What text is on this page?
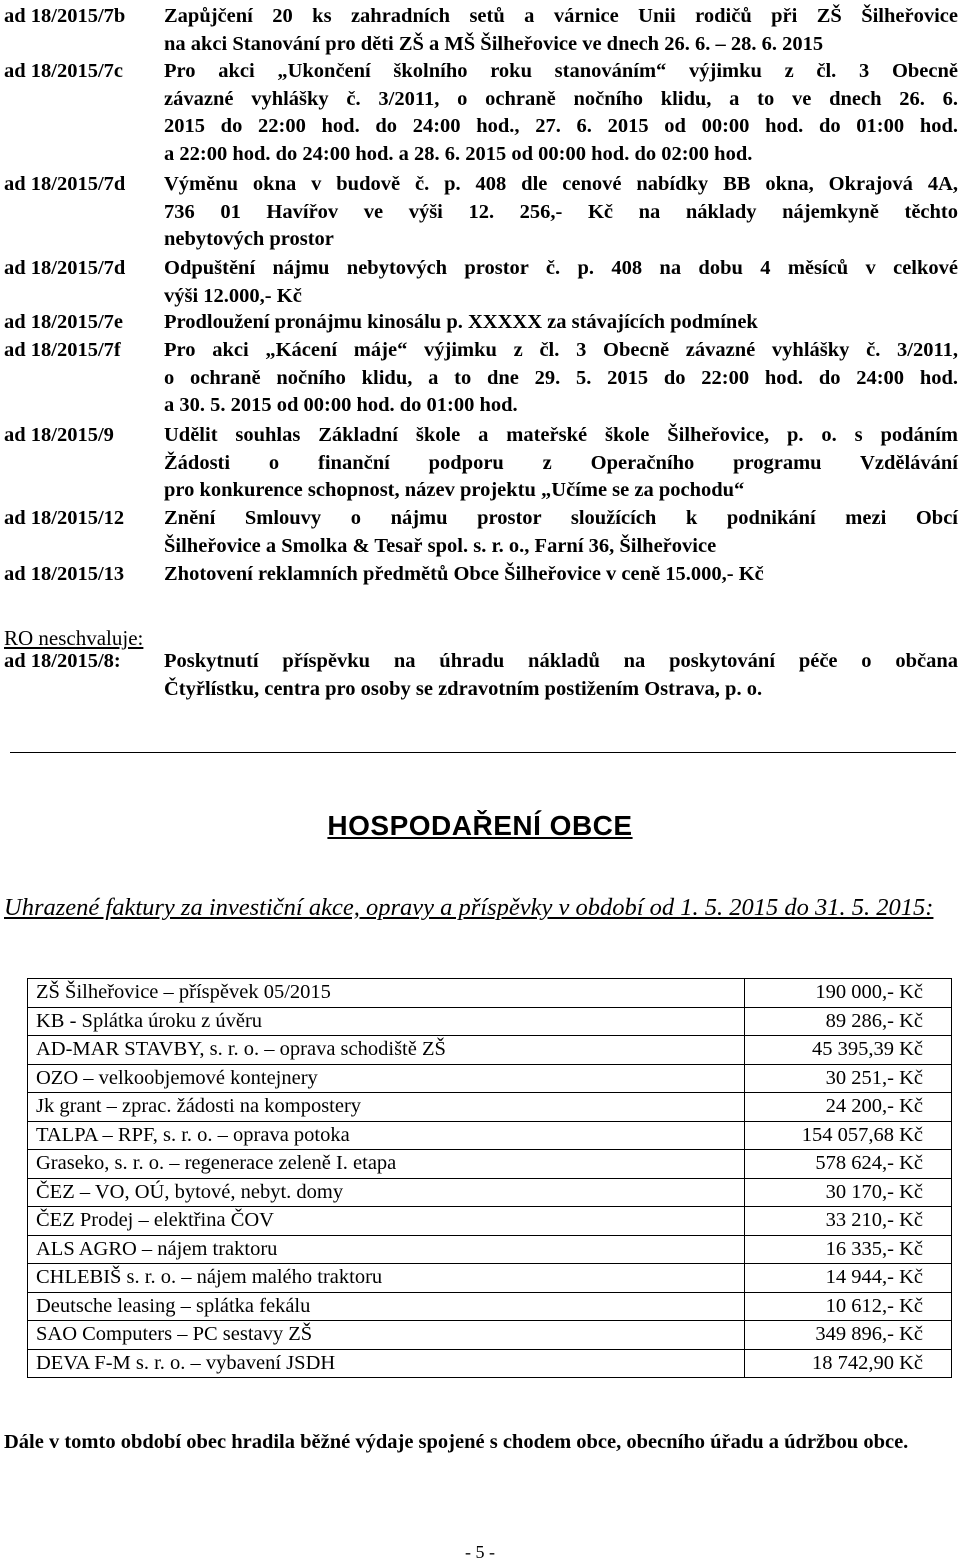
ad 18/2015/7b Zapůjčení 20 ks zahradních setů a várnice Unii rodičů při ZŠ Šilheřovice
na akci Stanování pro děti ZŠ a MŠ Šilheřovice ve dnech 26. 6. – 28. 6. 2015
ad 18/2015/7c Pro akci „Ukončení školního roku stanováním“ výjimku z čl. 3 Obecně
závazné vyhlášky č. 3/2011, o ochraně nočního klidu, a to ve dnech 26. 6.
2015 do 22:00 hod. do 24:00 hod., 27. 6. 2015 od 00:00 hod. do 01:00 hod.
a 22:00 hod. do 24:00 hod. a 28. 6. 2015 od 00:00 hod. do 02:00 hod.
ad 18/2015/7d Výměnu okna v budově č. p. 408 dle cenové nabídky BB okna, Okrajová 4A,
736 01 Havířov ve výši 12. 256,- Kč na náklady nájemkyně těchto
nebytových prostor
ad 18/2015/7d Odpuštění nájmu nebytových prostor č. p. 408 na dobu 4 měsíců v celkové
výši 12.000,- Kč
ad 18/2015/7e Prodloužení pronájmu kinosálu p. XXXXX za stávajících podmínek
ad 18/2015/7f Pro akci „Kácení máje“ výjimku z čl. 3 Obecně závazné vyhlášky č. 3/2011,
o ochraně nočního klidu, a to dne 29. 5. 2015 do 22:00 hod. do 24:00 hod.
a 30. 5. 2015 od 00:00 hod. do 01:00 hod.
ad 18/2015/9 Udělit souhlas Základní škole a mateřské škole Šilheřovice, p. o. s podáním
Žádosti o finanční podporu z Operačního programu Vzdělávání
pro konkurence schopnost, název projektu „Učíme se za pochodu“
ad 18/2015/12 Znění Smlouvy o nájmu prostor sloužících k podnikání mezi Obcí
Šilheřovice a Smolka & Tesař spol. s. r. o., Farní 36, Šilheřovice
ad 18/2015/13 Zhotovení reklamních předmětů Obce Šilheřovice v ceně 15.000,- Kč
RO neschvaluje:
ad 18/2015/8: Poskytnutí příspěvku na úhradu nákladů na poskytování péče o občana
Čtyřlístku, centra pro osoby se zdravotním postižením Ostrava, p. o.
HOSPODAŘENÍ OBCE
Uhrazené faktury za investiční akce, opravy a příspěvky v období od 1. 5. 2015 do 31. 5. 2015:
ZŠ Šilheřovice – příspěvek 05/2015	190 000,- Kč
KB - Splátka úroku z úvěru	89 286,- Kč
AD-MAR STAVBY, s. r. o. – oprava schodiště ZŠ	45 395,39 Kč
OZO – velkoobjemové kontejnery	30 251,- Kč
Jk grant – zprac. žádosti na kompostery	24 200,- Kč
TALPA – RPF, s. r. o. – oprava potoka	154 057,68 Kč
Graseko, s. r. o. – regenerace zeleně I. etapa	578 624,- Kč
ČEZ – VO, OÚ, bytové, nebyt. domy	30 170,- Kč
ČEZ Prodej – elektřina ČOV	33 210,- Kč
ALS AGRO – nájem traktoru	16 335,- Kč
CHLEBIŠ s. r. o. – nájem malého traktoru	14 944,- Kč
Deutsche leasing – splátka fekálu	10 612,- Kč
SAO Computers – PC sestavy ZŠ	349 896,- Kč
DEVA F-M s. r. o. – vybavení JSDH	18 742,90 Kč
Dále v tomto období obec hradila běžné výdaje spojené s chodem obce, obecního úřadu a údržbou obce.
- 5 -
